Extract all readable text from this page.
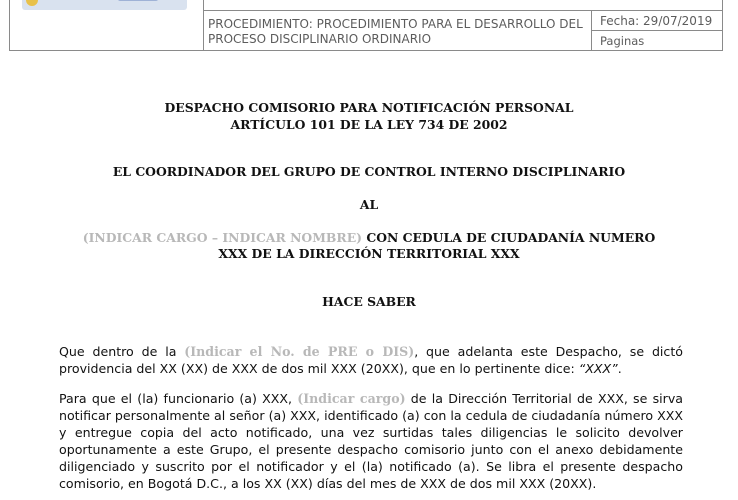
PROCEDIMIENTO: PROCEDIMIENTO PARA EL DESARROLLO DEL PROCESO DISCIPLINARIO ORDINARIO
Fecha: 29/07/2019
Paginas
DESPACHO COMISORIO PARA NOTIFICACIÓN PERSONAL
ARTÍCULO 101 DE LA LEY 734 DE 2002
EL COORDINADOR DEL GRUPO DE CONTROL INTERNO DISCIPLINARIO
AL
(INDICAR CARGO – INDICAR NOMBRE) CON CEDULA DE CIUDADANÍA NUMERO
XXX DE LA DIRECCIÓN TERRITORIAL XXX
HACE SABER
Que dentro de la (Indicar el No. de PRE o DIS), que adelanta este Despacho, se dictó providencia del XX (XX) de XXX de dos mil XXX (20XX), que en lo pertinente dice: “XXX”.
Para que el (la) funcionario (a) XXX, (Indicar cargo) de la Dirección Territorial de XXX, se sirva notificar personalmente al señor (a) XXX, identificado (a) con la cedula de ciudadanía número XXX y entregue copia del acto notificado, una vez surtidas tales diligencias le solicito devolver oportunamente a este Grupo, el presente despacho comisorio junto con el anexo debidamente diligenciado y suscrito por el notificador y el (la) notificado (a). Se libra el presente despacho comisorio, en Bogotá D.C., a los XX (XX) días del mes de XXX de dos mil XXX (20XX).
